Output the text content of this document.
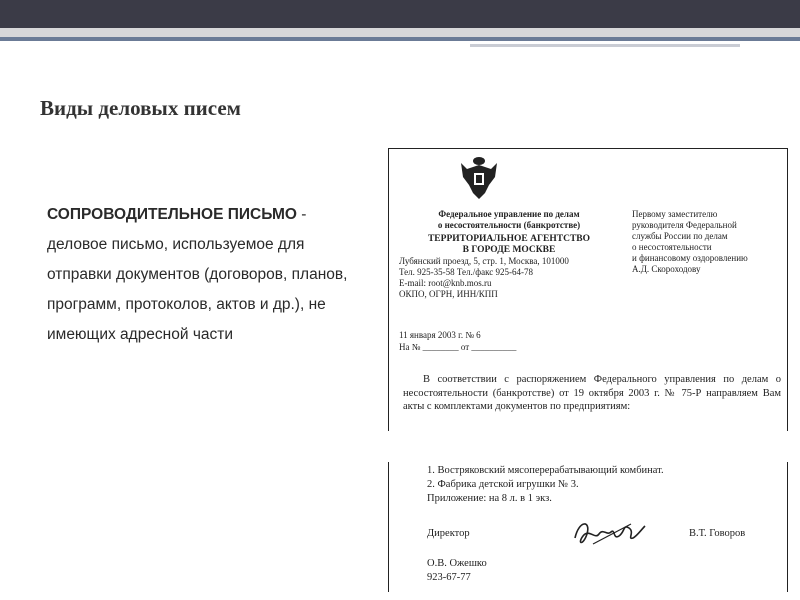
Виды деловых писем
СОПРОВОДИТЕЛЬНОЕ ПИСЬМО - деловое письмо, используемое для отправки документов (договоров, планов, программ, протоколов, актов и др.), не имеющих адресной части
Федеральное управление по делам
о несостоятельности (банкротстве)
ТЕРРИТОРИАЛЬНОЕ АГЕНТСТВО
В ГОРОДЕ МОСКВЕ
Лубянский проезд, 5, стр. 1, Москва, 101000
Тел. 925-35-58 Тел./факс 925-64-78
E-mail: root@knb.mos.ru
ОКПО, ОГРН, ИНН/КПП
Первому заместителю
руководителя Федеральной
службы России по делам
о несостоятельности
и финансовому оздоровлению
А.Д. Скороходову
11 января 2003 г. № 6
На № ________ от __________
В соответствии с распоряжением Федерального управления по делам о несостоятельности (банкротстве) от 19 октября 2003 г. № 75-Р направляем Вам акты с комплектами документов по предприятиям:
1. Востряковский мясоперерабатывающий комбинат.
2. Фабрика детской игрушки № 3.
Приложение: на 8 л. в 1 экз.
Директор	В.Т. Говоров
О.В. Ожешко
923-67-77
